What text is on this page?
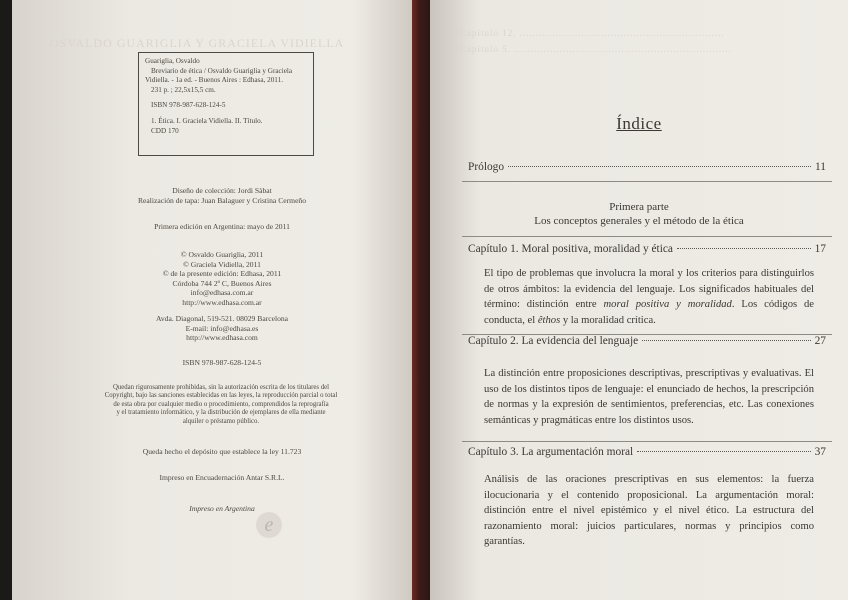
OSVALDO GUARIGLIA Y GRACIELA VIDIELLA
Guariglia, Osvaldo
Breviario de ética / Osvaldo Guariglia y Graciela
Vidiella. - 1a ed. - Buenos Aires : Edhasa, 2011.
231 p. ; 22,5x15,5 cm.
ISBN 978-987-628-124-5
1. Ética. I. Graciela Vidiella. II. Título.
CDD 170
Diseño de colección: Jordi Sàbat
Realización de tapa: Juan Balaguer y Cristina Cermeño
Primera edición en Argentina: mayo de 2011
© Osvaldo Guariglia, 2011
© Graciela Vidiella, 2011
© de la presente edición: Edhasa, 2011
Córdoba 744 2º C, Buenos Aires
info@edhasa.com.ar
http://www.edhasa.com.ar
Avda. Diagonal, 519-521. 08029 Barcelona
E-mail: info@edhasa.es
http://www.edhasa.com
ISBN 978-987-628-124-5
Quedan rigurosamente prohibidas, sin la autorización escrita de los titulares del
Copyright, bajo las sanciones establecidas en las leyes, la reproducción parcial o total
de esta obra por cualquier medio o procedimiento, comprendidos la reprografía
y el tratamiento informático, y la distribución de ejemplares de ella mediante
alquiler o préstamo público.
Queda hecho el depósito que establece la ley 11.723
Impreso en Encuadernación Antar S.R.L.
Impreso en Argentina
e
Capítulo 12. ...............................................................
Capítulo 5. ...................................................................
Índice
Prólogo	11
Primera parte
Los conceptos generales y el método de la ética
Capítulo 1. Moral positiva, moralidad y ética	17
El tipo de problemas que involucra la moral y los criterios para distinguirlos de otros ámbitos: la evidencia del lenguaje. Los significados habituales del término: distinción entre moral positiva y moralidad. Los códigos de conducta, el êthos y la moralidad crítica.
Capítulo 2. La evidencia del lenguaje	27
La distinción entre proposiciones descriptivas, prescriptivas y evaluativas. El uso de los distintos tipos de lenguaje: el enunciado de hechos, la prescripción de normas y la expresión de sentimientos, preferencias, etc. Las conexiones semánticas y pragmáticas entre los distintos usos.
Capítulo 3. La argumentación moral	37
Análisis de las oraciones prescriptivas en sus elementos: la fuerza ilocucionaria y el contenido proposicional. La argumentación moral: distinción entre el nivel epistémico y el nivel ético. La estructura del razonamiento moral: juicios particulares, normas y principios como garantías.
